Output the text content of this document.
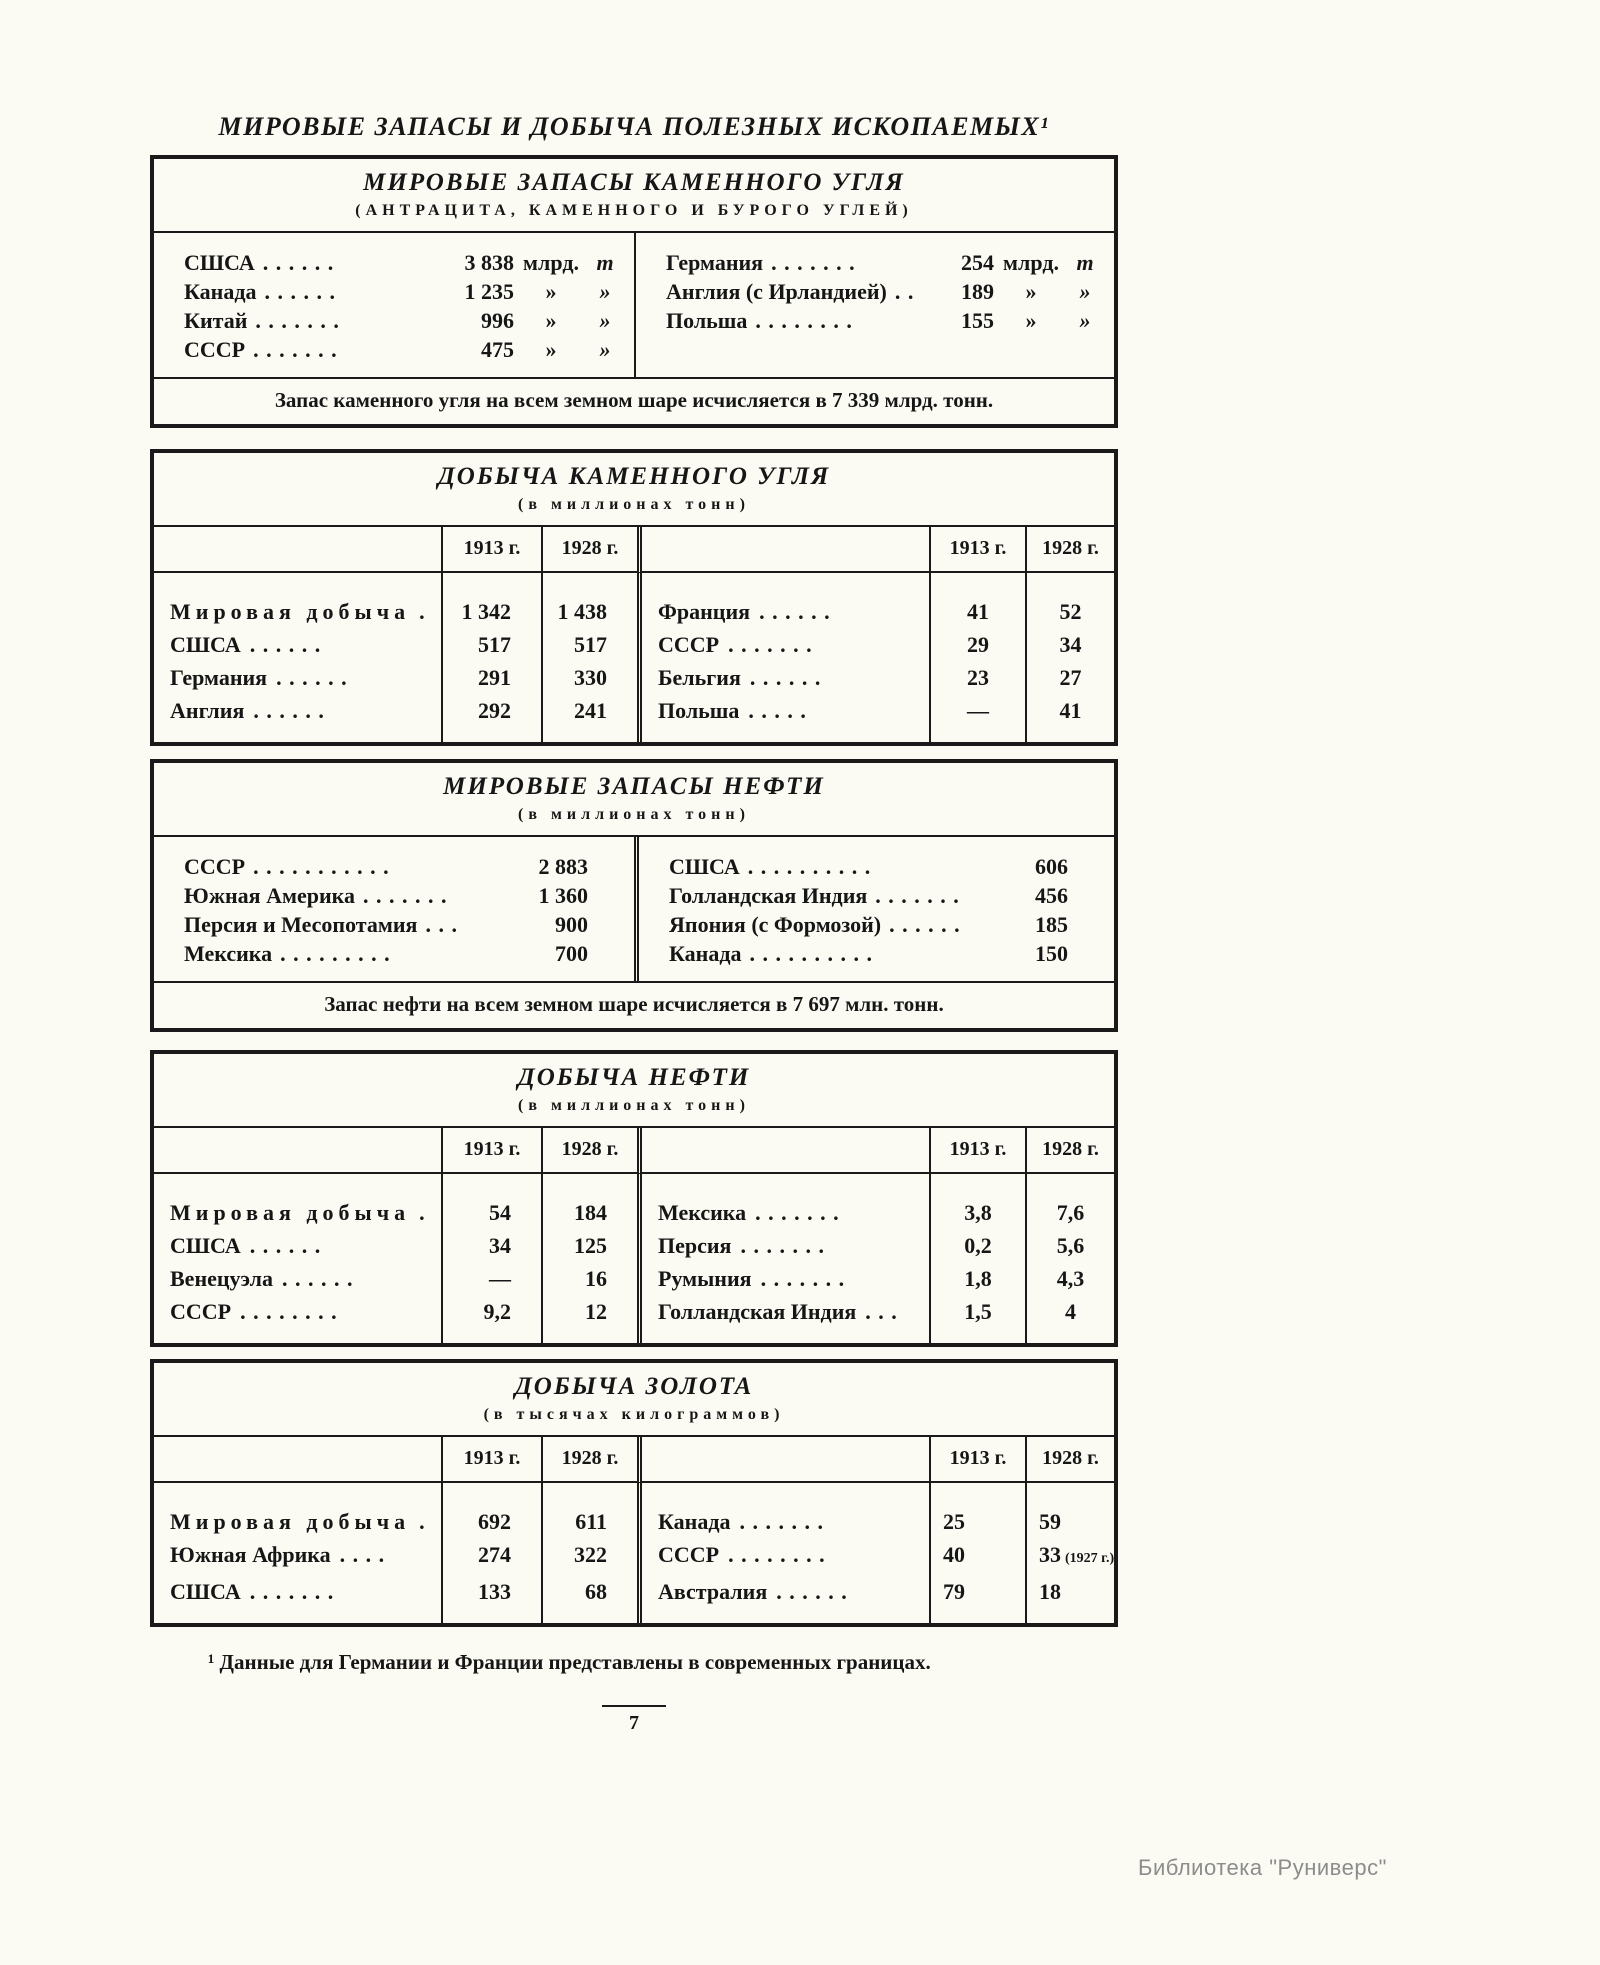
МИРОВЫЕ ЗАПАСЫ И ДОБЫЧА ПОЛЕЗНЫХ ИСКОПАЕМЫХ¹
МИРОВЫЕ ЗАПАСЫ КАМЕННОГО УГЛЯ
(АНТРАЦИТА, КАМЕННОГО И БУРОГО УГЛЕЙ)
СШСА . . . . . .	3 838 млрд. т
Канада . . . . . .	1 235	»	»
Китай . . . . . . .	996	»	»
СССР . . . . . . .	475	»	»
Германия . . . . . . .	254 млрд. т
Англия (с Ирландией) . .	189	»	»
Польша . . . . . . . .	155	»	»
Запас каменного угля на всем земном шаре исчисляется в 7 339 млрд. тонн.
ДОБЫЧА КАМЕННОГО УГЛЯ
(в миллионах тонн)
1913 г.	1928 г.	1913 г.	1928 г.
Мировая добыча .	1 342	1 438	Франция . . . . . .	41	52
СШСА . . . . . .	517	517	СССР . . . . . . .	29	34
Германия . . . . . .	291	330	Бельгия . . . . . .	23	27
Англия . . . . . .	292	241	Польша . . . . .	—	41
МИРОВЫЕ ЗАПАСЫ НЕФТИ
(в миллионах тонн)
СССР . . . . . . . . . . .	2 883
Южная Америка . . . . . . .	1 360
Персия и Месопотамия . . .	900
Мексика . . . . . . . . .	700
СШСА . . . . . . . . . .	606
Голландская Индия . . . . . . .	456
Япония (с Формозой) . . . . . .	185
Канада . . . . . . . . . .	150
Запас нефти на всем земном шаре исчисляется в 7 697 млн. тонн.
ДОБЫЧА НЕФТИ
(в миллионах тонн)
1913 г.	1928 г.	1913 г.	1928 г.
Мировая добыча .	54	184	Мексика . . . . . . .	3,8	7,6
СШСА . . . . . .	34	125	Персия . . . . . . .	0,2	5,6
Венецуэла . . . . . .	—	16	Румыния . . . . . . .	1,8	4,3
СССР . . . . . . . .	9,2	12	Голландская Индия . . .	1,5	4
ДОБЫЧА ЗОЛОТА
(в тысячах килограммов)
1913 г.	1928 г.	1913 г.	1928 г.
Мировая добыча .	692	611	Канада . . . . . . .	25	59
Южная Африка . . . .	274	322	СССР . . . . . . . .	40	33 (1927 г.)
СШСА . . . . . . .	133	68	Австралия . . . . . .	79	18
¹ Данные для Германии и Франции представлены в современных границах.
7
Библиотека "Руниверс"
